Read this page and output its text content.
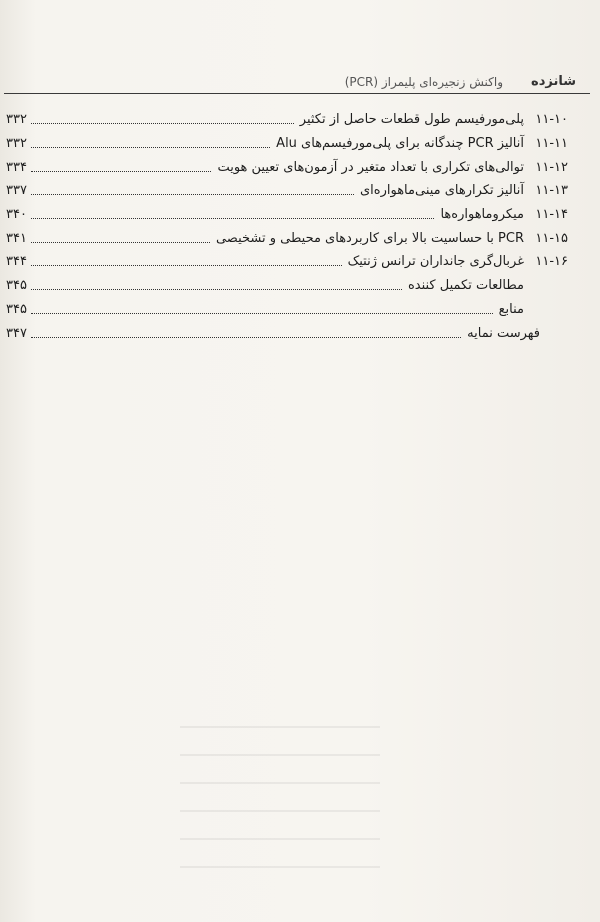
شانزده
واکنش زنجیره‌ای پلیمراز (PCR)
۱۱-۱۰
پلی‌مورفیسم طول قطعات حاصل از تکثیر
۳۳۲
۱۱-۱۱
آنالیز PCR چندگانه برای پلی‌مورفیسم‌های Alu
۳۳۲
۱۱-۱۲
توالی‌های تکراری با تعداد متغیر در آزمون‌های تعیین هویت
۳۳۴
۱۱-۱۳
آنالیز تکرارهای مینی‌ماهواره‌ای
۳۳۷
۱۱-۱۴
میکروماهواره‌ها
۳۴۰
۱۱-۱۵
PCR با حساسیت بالا برای کاربردهای محیطی و تشخیصی
۳۴۱
۱۱-۱۶
غربال‌گری جانداران ترانس ژنتیک
۳۴۴
مطالعات تکمیل کننده
۳۴۵
منابع
۳۴۵
فهرست نمایه
۳۴۷
